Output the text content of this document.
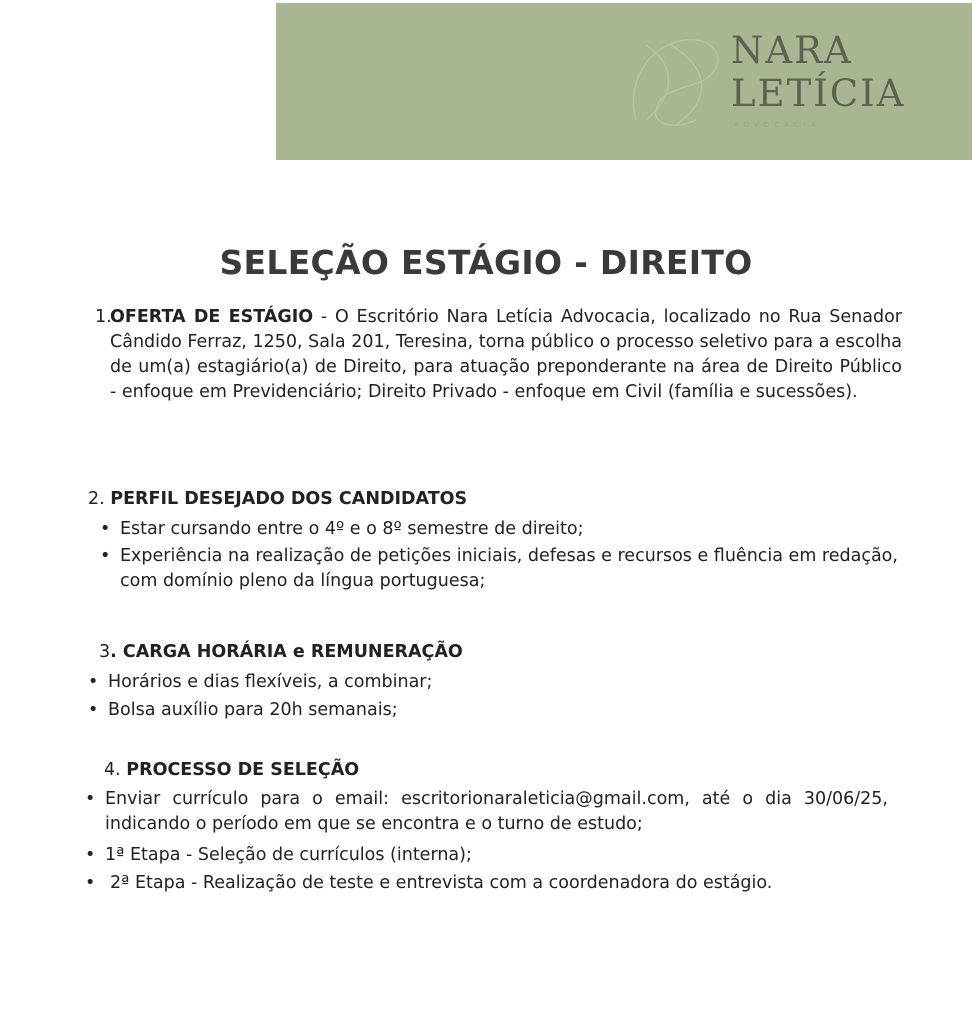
NARA
LETÍCIA
ADVOCACIA
SELEÇÃO ESTÁGIO - DIREITO
1.
OFERTA DE ESTÁGIO - O Escritório Nara Letícia Advocacia, localizado no Rua Senador Cândido Ferraz, 1250, Sala 201, Teresina, torna público o processo seletivo para a escolha de um(a) estagiário(a) de Direito, para atuação preponderante na área de Direito Público - enfoque em Previdenciário; Direito Privado - enfoque em Civil (família e sucessões).
2. PERFIL DESEJADO DOS CANDIDATOS
• Estar cursando entre o 4º e o 8º semestre de direito;
• Experiência na realização de petições iniciais, defesas e recursos e fluência em redação, com domínio pleno da língua portuguesa;
3. CARGA HORÁRIA e REMUNERAÇÃO
• Horários e dias flexíveis, a combinar;
• Bolsa auxílio para 20h semanais;
4. PROCESSO DE SELEÇÃO
• Enviar currículo para o email: escritorionaraleticia@gmail.com, até o dia 30/06/25, indicando o período em que se encontra e o turno de estudo;
• 1ª Etapa - Seleção de currículos (interna);
• 2ª Etapa - Realização de teste e entrevista com a coordenadora do estágio.
